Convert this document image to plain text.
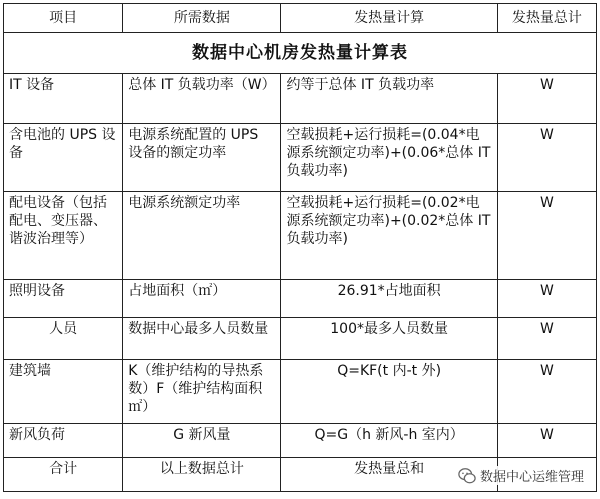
数据中心机房发热量计算表			
项目	所需数据	发热量计算	发热量总计
IT 设备	总体 IT 负载功率（W）	约等于总体 IT 负载功率	W
含电池的 UPS 设备	电源系统配置的 UPS 设备的额定功率	空载损耗+运行损耗=(0.04*电源系统额定功率)+(0.06*总体 IT 负载功率)	W
配电设备（包括配电、变压器、谐波治理等）	电源系统额定功率	空载损耗+运行损耗=(0.02*电源系统额定功率)+(0.02*总体 IT 负载功率)	W
照明设备	占地面积（㎡）	26.91*占地面积	W
人员	数据中心最多人员数量	100*最多人员数量	W
建筑墙	K（维护结构的导热系数）F（维护结构面积㎡）	Q=KF(t 内-t 外)	W
新风负荷	G 新风量	Q=G（h 新风-h 室内）	W
合计	以上数据总计	发热量总和	
数据中心运维管理
